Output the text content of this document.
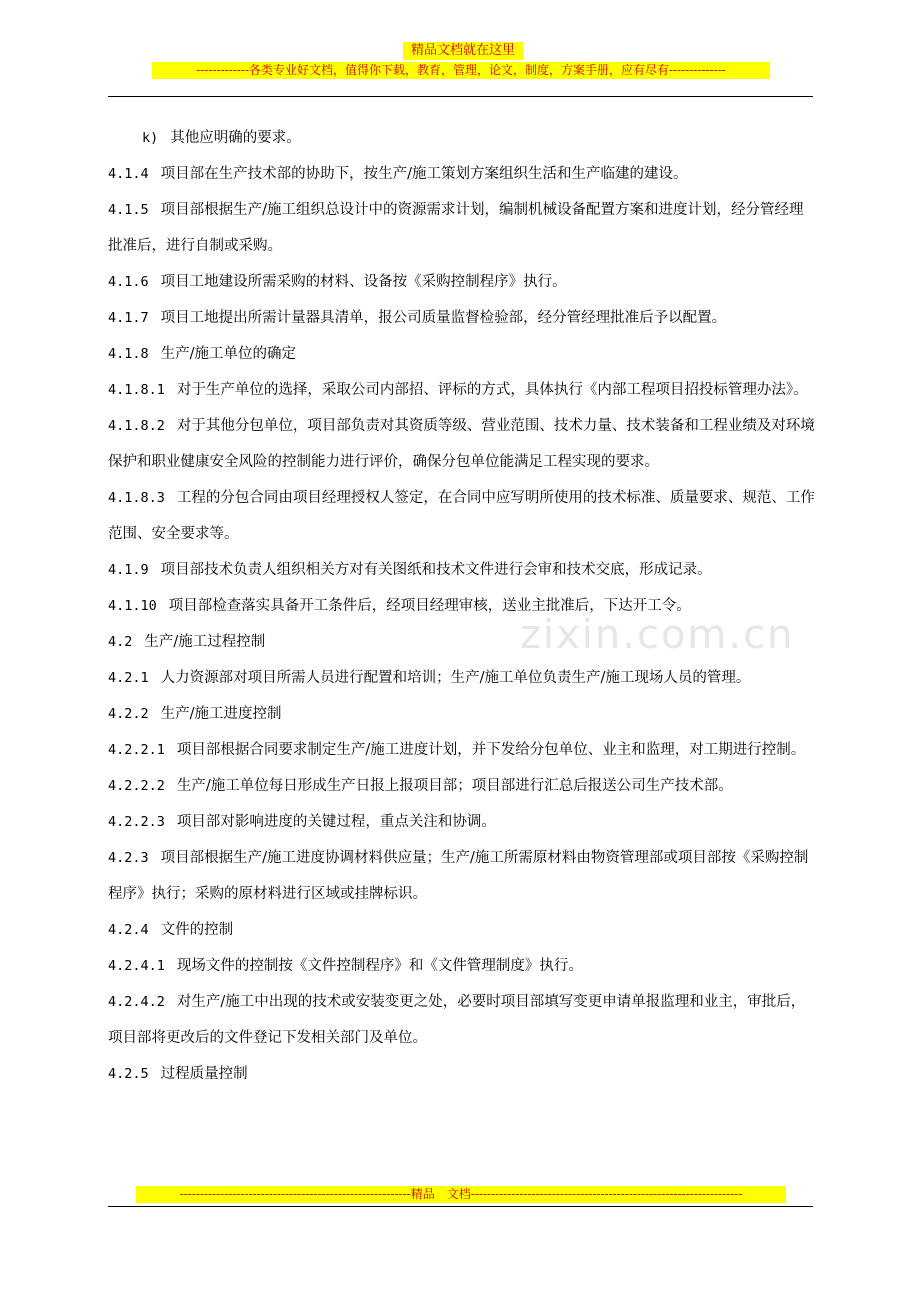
精品文档就在这里
-------------各类专业好文档，值得你下载，教育，管理，论文，制度，方案手册，应有尽有--------------
zixin.com.cn

k) 其他应明确的要求。

4.1.4 项目部在生产技术部的协助下，按生产/施工策划方案组织生活和生产临建的建设。

4.1.5 项目部根据生产/施工组织总设计中的资源需求计划，编制机械设备配置方案和进度计划，经分管经理批准后，进行自制或采购。

4.1.6 项目工地建设所需采购的材料、设备按《采购控制程序》执行。

4.1.7 项目工地提出所需计量器具清单，报公司质量监督检验部，经分管经理批准后予以配置。

4.1.8 生产/施工单位的确定

4.1.8.1 对于生产单位的选择，采取公司内部招、评标的方式，具体执行《内部工程项目招投标管理办法》。

4.1.8.2 对于其他分包单位，项目部负责对其资质等级、营业范围、技术力量、技术装备和工程业绩及对环境保护和职业健康安全风险的控制能力进行评价，确保分包单位能满足工程实现的要求。

4.1.8.3 工程的分包合同由项目经理授权人签定，在合同中应写明所使用的技术标准、质量要求、规范、工作范围、安全要求等。

4.1.9 项目部技术负责人组织相关方对有关图纸和技术文件进行会审和技术交底，形成记录。

4.1.10 项目部检查落实具备开工条件后，经项目经理审核，送业主批准后，下达开工令。

4.2 生产/施工过程控制

4.2.1 人力资源部对项目所需人员进行配置和培训；生产/施工单位负责生产/施工现场人员的管理。

4.2.2 生产/施工进度控制

4.2.2.1 项目部根据合同要求制定生产/施工进度计划，并下发给分包单位、业主和监理，对工期进行控制。

4.2.2.2 生产/施工单位每日形成生产日报上报项目部；项目部进行汇总后报送公司生产技术部。

4.2.2.3 项目部对影响进度的关键过程，重点关注和协调。

4.2.3 项目部根据生产/施工进度协调材料供应量；生产/施工所需原材料由物资管理部或项目部按《采购控制程序》执行；采购的原材料进行区域或挂牌标识。

4.2.4 文件的控制

4.2.4.1 现场文件的控制按《文件控制程序》和《文件管理制度》执行。

4.2.4.2 对生产/施工中出现的技术或安装变更之处，必要时项目部填写变更申请单报监理和业主，审批后，项目部将更改后的文件登记下发相关部门及单位。

4.2.5 过程质量控制

---------------------------------------------------------精品　文档-------------------------------------------------------------------
